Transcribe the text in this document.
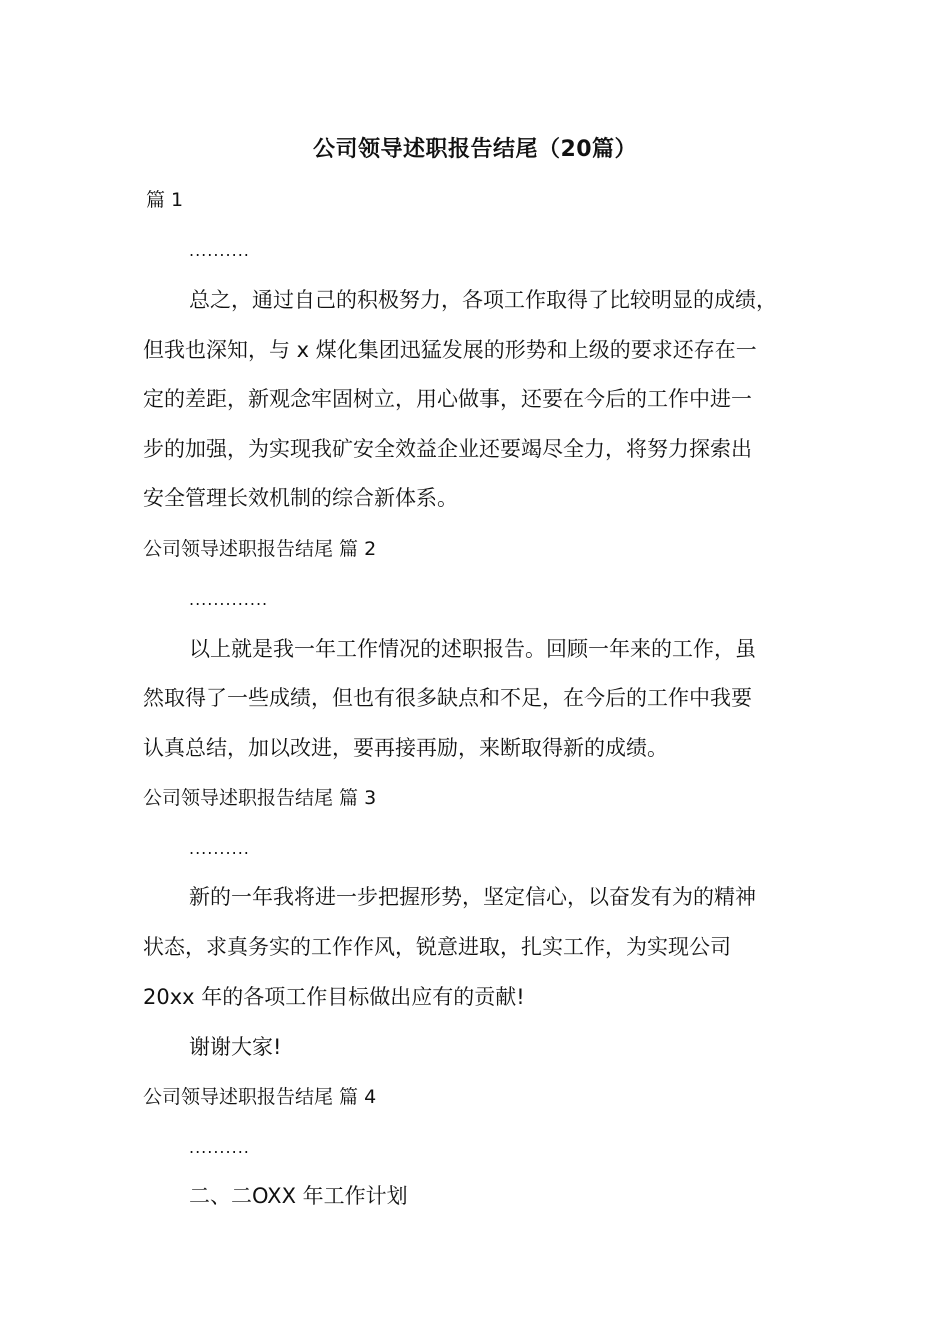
公司领导述职报告结尾（20篇）
篇 1
..........
总之，通过自己的积极努力，各项工作取得了比较明显的成绩，
但我也深知，与 x 煤化集团迅猛发展的形势和上级的要求还存在一
定的差距，新观念牢固树立，用心做事，还要在今后的工作中进一
步的加强，为实现我矿安全效益企业还要竭尽全力，将努力探索出
安全管理长效机制的综合新体系。
公司领导述职报告结尾 篇 2
.............
以上就是我一年工作情况的述职报告。回顾一年来的工作，虽
然取得了一些成绩，但也有很多缺点和不足，在今后的工作中我要
认真总结，加以改进，要再接再励，来断取得新的成绩。
公司领导述职报告结尾 篇 3
..........
新的一年我将进一步把握形势，坚定信心，以奋发有为的精神
状态，求真务实的工作作风，锐意进取，扎实工作，为实现公司
20xx 年的各项工作目标做出应有的贡献!
谢谢大家!
公司领导述职报告结尾 篇 4
..........
二、二OXX 年工作计划
